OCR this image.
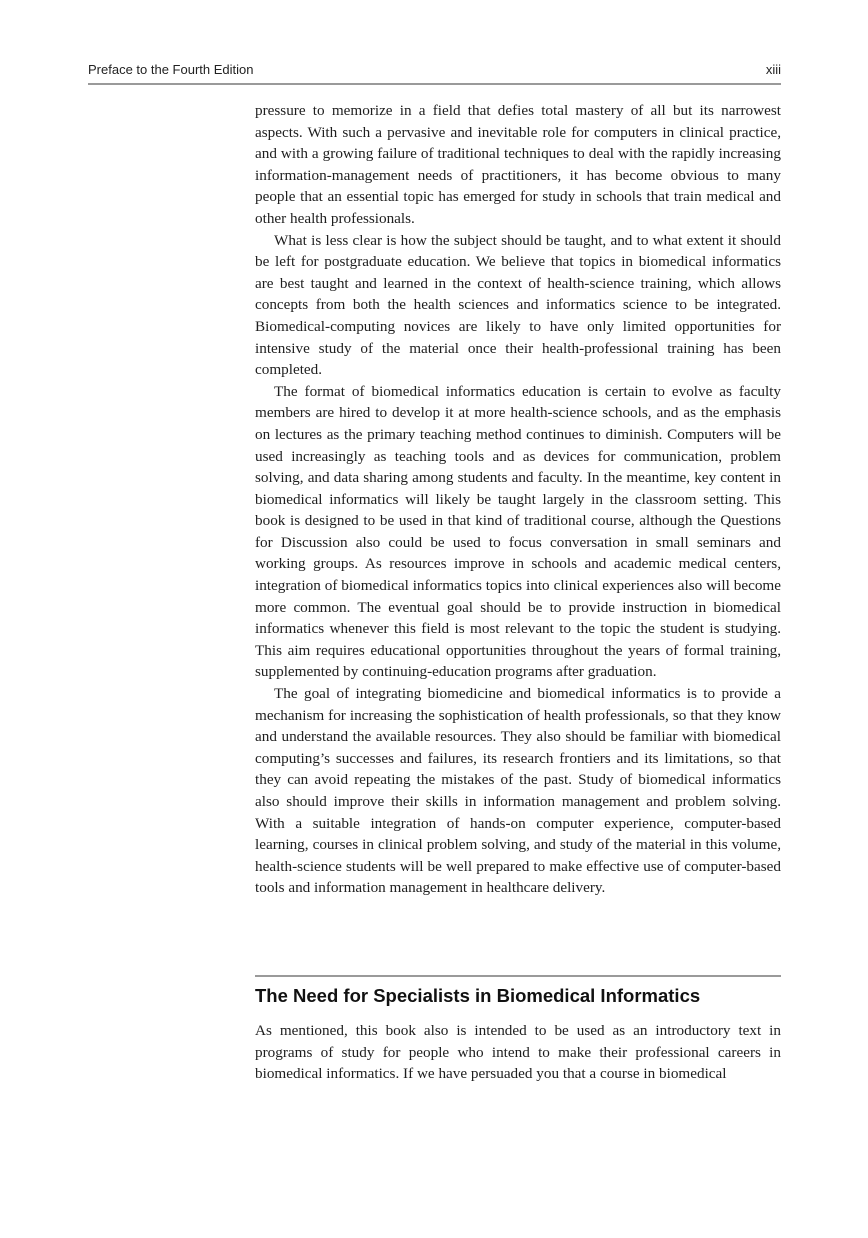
Preface to the Fourth Edition	xiii

pressure to memorize in a field that defies total mastery of all but its narrowest aspects. With such a pervasive and inevitable role for computers in clinical practice, and with a growing failure of traditional techniques to deal with the rapidly increasing information-management needs of practitioners, it has become obvious to many people that an essential topic has emerged for study in schools that train medical and other health professionals.

What is less clear is how the subject should be taught, and to what extent it should be left for postgraduate education. We believe that topics in biomedical informatics are best taught and learned in the context of health-science training, which allows concepts from both the health sciences and informatics science to be integrated. Biomedical-computing novices are likely to have only limited opportunities for intensive study of the material once their health-professional training has been completed.

The format of biomedical informatics education is certain to evolve as faculty members are hired to develop it at more health-science schools, and as the emphasis on lectures as the primary teaching method continues to diminish. Computers will be used increasingly as teaching tools and as devices for communication, problem solving, and data sharing among students and faculty. In the meantime, key content in biomedical informatics will likely be taught largely in the classroom setting. This book is designed to be used in that kind of traditional course, although the Questions for Discussion also could be used to focus conversation in small seminars and working groups. As resources improve in schools and academic medical centers, integration of biomedical informatics topics into clinical experiences also will become more common. The eventual goal should be to provide instruction in biomedical informatics whenever this field is most relevant to the topic the student is studying. This aim requires educational opportunities throughout the years of formal training, supplemented by continuing-education programs after graduation.

The goal of integrating biomedicine and biomedical informatics is to provide a mechanism for increasing the sophistication of health professionals, so that they know and understand the available resources. They also should be familiar with biomedical computing’s successes and failures, its research frontiers and its limitations, so that they can avoid repeating the mistakes of the past. Study of biomedical informatics also should improve their skills in information management and problem solving. With a suitable integration of hands-on computer experience, computer-based learning, courses in clinical problem solving, and study of the material in this volume, health-science students will be well prepared to make effective use of computer-based tools and information management in healthcare delivery.

The Need for Specialists in Biomedical Informatics

As mentioned, this book also is intended to be used as an introductory text in programs of study for people who intend to make their professional careers in biomedical informatics. If we have persuaded you that a course in biomedical
